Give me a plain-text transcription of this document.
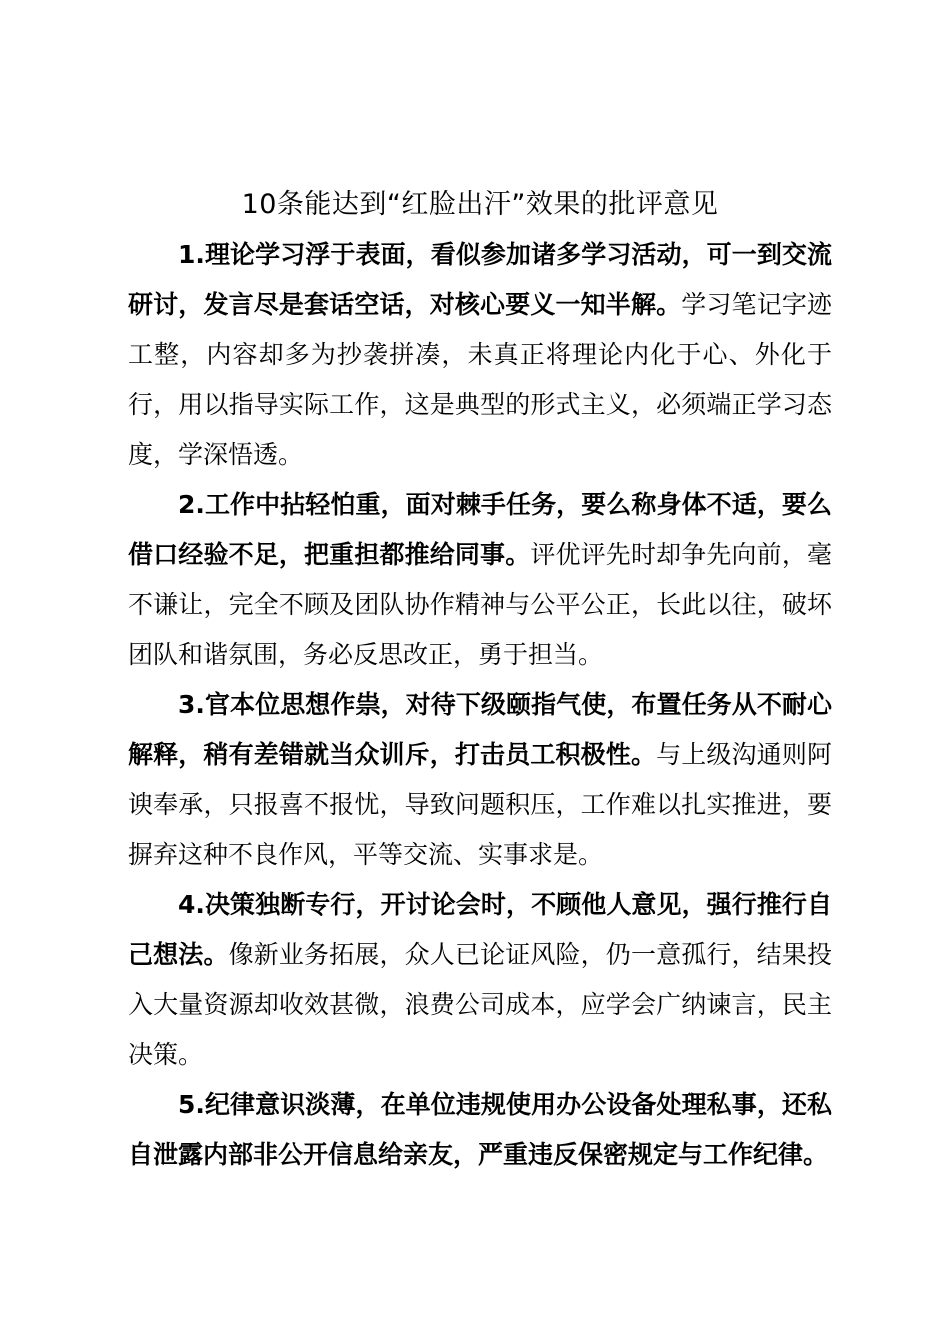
10条能达到“红脸出汗”效果的批评意见

1.理论学习浮于表面，看似参加诸多学习活动，可一到交流研讨，发言尽是套话空话，对核心要义一知半解。学习笔记字迹工整，内容却多为抄袭拼凑，未真正将理论内化于心、外化于行，用以指导实际工作，这是典型的形式主义，必须端正学习态度，学深悟透。

2.工作中拈轻怕重，面对棘手任务，要么称身体不适，要么借口经验不足，把重担都推给同事。评优评先时却争先向前，毫不谦让，完全不顾及团队协作精神与公平公正，长此以往，破坏团队和谐氛围，务必反思改正，勇于担当。

3.官本位思想作祟，对待下级颐指气使，布置任务从不耐心解释，稍有差错就当众训斥，打击员工积极性。与上级沟通则阿谀奉承，只报喜不报忧，导致问题积压，工作难以扎实推进，要摒弃这种不良作风，平等交流、实事求是。

4.决策独断专行，开讨论会时，不顾他人意见，强行推行自己想法。像新业务拓展，众人已论证风险，仍一意孤行，结果投入大量资源却收效甚微，浪费公司成本，应学会广纳谏言，民主决策。

5.纪律意识淡薄，在单位违规使用办公设备处理私事，还私自泄露内部非公开信息给亲友，严重违反保密规定与工作纪律。
